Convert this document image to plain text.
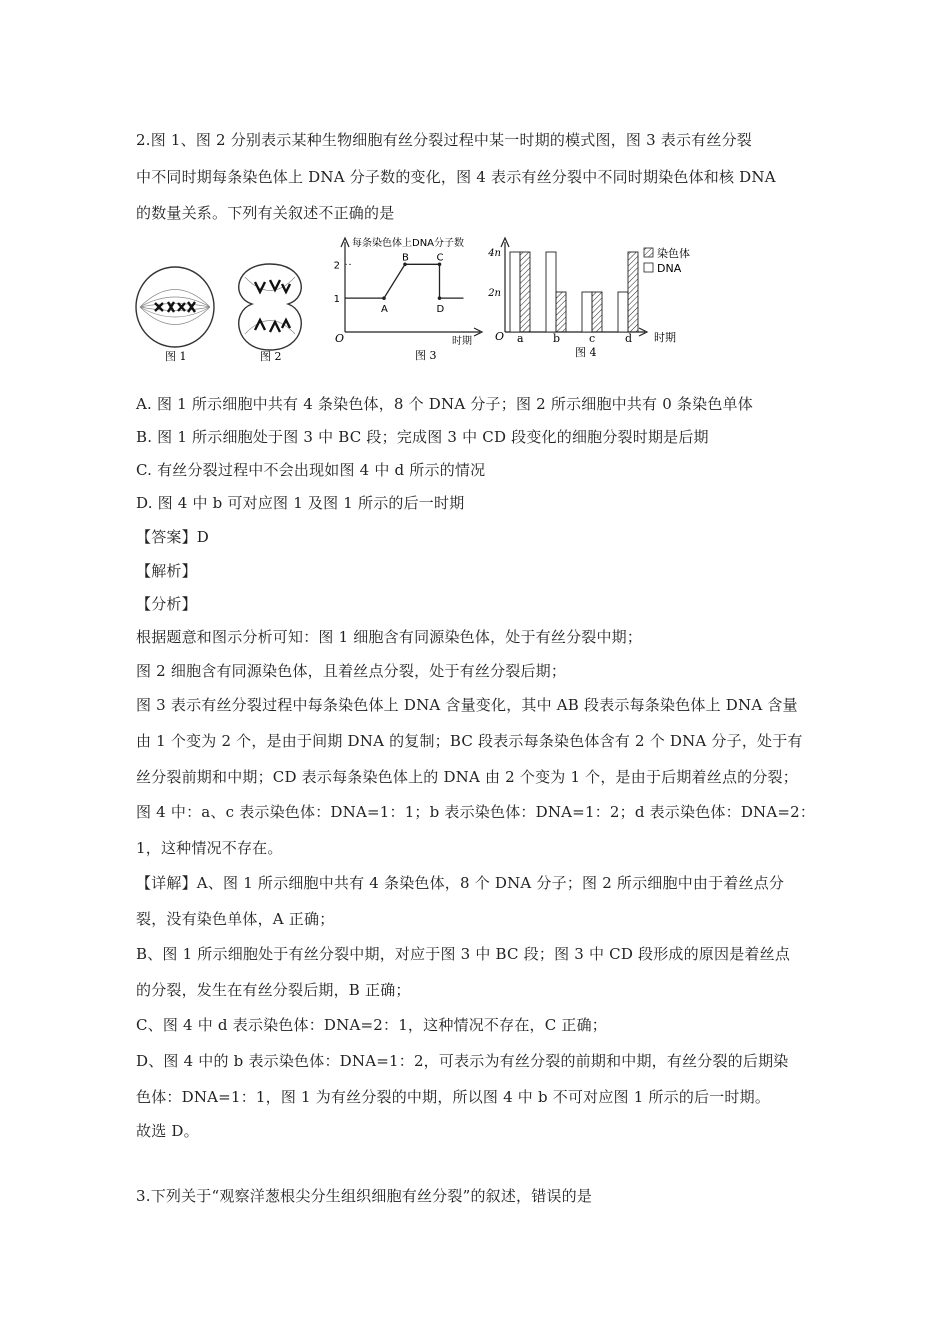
2.图 1、图 2 分别表示某种生物细胞有丝分裂过程中某一时期的模式图，图 3 表示有丝分裂
中不同时期每条染色体上 DNA 分子数的变化，图 4 表示有丝分裂中不同时期染色体和核 DNA
的数量关系。下列有关叙述不正确的是
图 1	图 2
每条染色体上DNA分子数
O	时期
1
2
图 3
A
B	C
D
O	时期
2n
4n
a	b	c	d
染色体
DNA
图 4
A. 图 1 所示细胞中共有 4 条染色体，8 个 DNA 分子；图 2 所示细胞中共有 0 条染色单体
B. 图 1 所示细胞处于图 3 中 BC 段；完成图 3 中 CD 段变化的细胞分裂时期是后期
C. 有丝分裂过程中不会出现如图 4 中 d 所示的情况
D. 图 4 中 b 可对应图 1 及图 1 所示的后一时期
【答案】D
【解析】
【分析】
根据题意和图示分析可知：图 1 细胞含有同源染色体，处于有丝分裂中期；
图 2 细胞含有同源染色体，且着丝点分裂，处于有丝分裂后期；
图 3 表示有丝分裂过程中每条染色体上 DNA 含量变化，其中 AB 段表示每条染色体上 DNA 含量
由 1 个变为 2 个，是由于间期 DNA 的复制；BC 段表示每条染色体含有 2 个 DNA 分子，处于有
丝分裂前期和中期；CD 表示每条染色体上的 DNA 由 2 个变为 1 个，是由于后期着丝点的分裂；
图 4 中：a、c 表示染色体：DNA=1：1；b 表示染色体：DNA=1：2；d 表示染色体：DNA=2：
1，这种情况不存在。
【详解】A、图 1 所示细胞中共有 4 条染色体，8 个 DNA 分子；图 2 所示细胞中由于着丝点分
裂，没有染色单体，A 正确；
B、图 1 所示细胞处于有丝分裂中期，对应于图 3 中 BC 段；图 3 中 CD 段形成的原因是着丝点
的分裂，发生在有丝分裂后期，B 正确；
C、图 4 中 d 表示染色体：DNA=2：1，这种情况不存在，C 正确；
D、图 4 中的 b 表示染色体：DNA=1：2，可表示为有丝分裂的前期和中期，有丝分裂的后期染
色体：DNA=1：1，图 1 为有丝分裂的中期，所以图 4 中 b 不可对应图 1 所示的后一时期。
故选 D。
3.下列关于“观察洋葱根尖分生组织细胞有丝分裂”的叙述，错误的是
